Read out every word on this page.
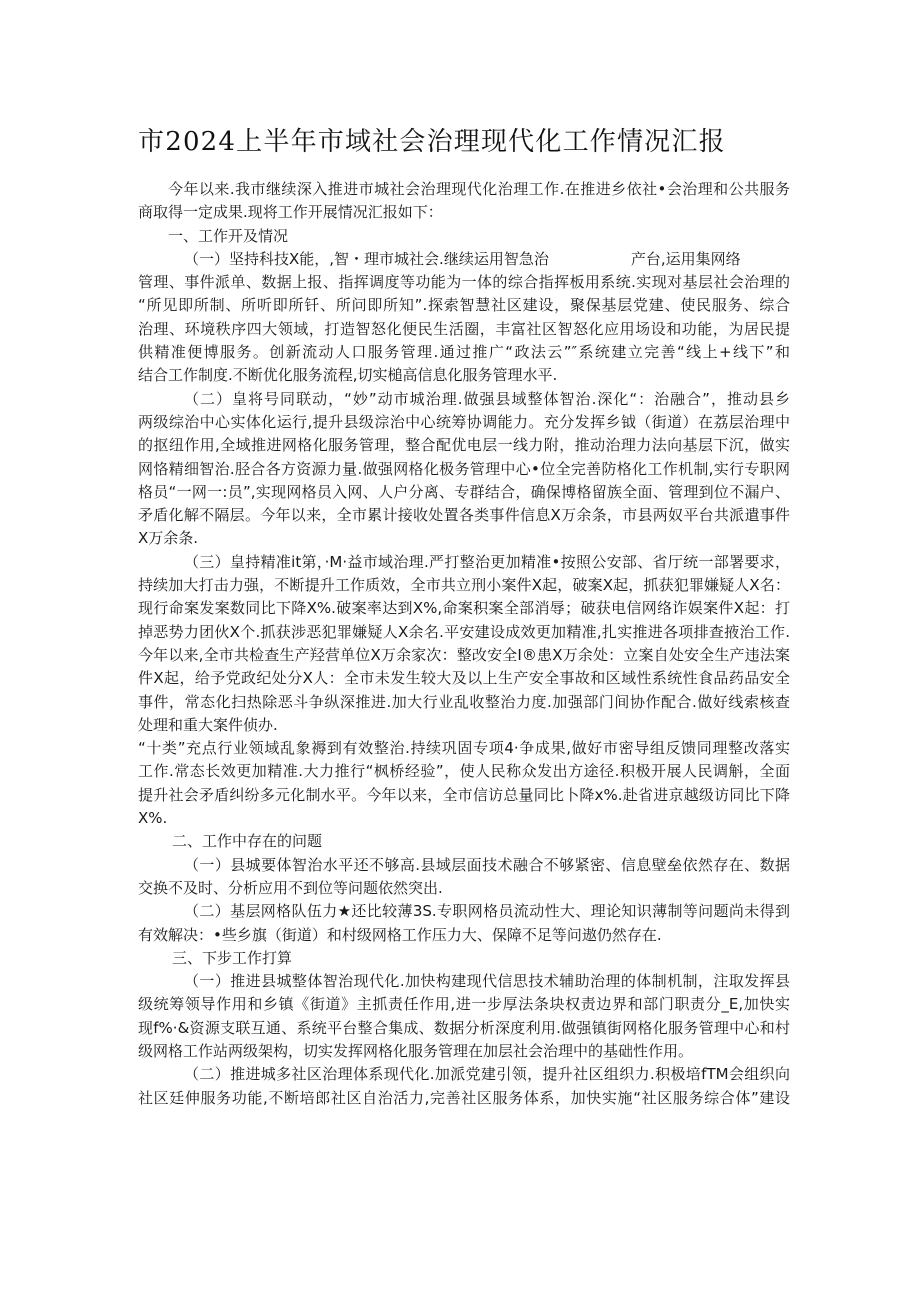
市2024上半年市域社会治理现代化工作情况汇报

今年以来.我巿继续深入推进市城社会治理现代化治理工作.在推进乡依社•会治理和公共服务

商取得一定成果.现将工作开展情况汇报如下：

一、工作开及情况

（一）坚持科技X能，,智・理市城社会.继续运用智急治	产台,运用集网络

管理、事件派单、数据上报、指挥调度等功能为一体的综合指挥板用系统.实现对基层社会治理的

“所见即所制、所听即所钎、所问即所知”.探索智慧社区建设，聚保基层党建、使民服务、综合

治理、环境秩序四大领域，打造智怒化便民生活圈，丰富社区智怒化应用场设和功能，为居民提

供精准便博服务。创新流动人口服务管理.通过推广“政法云”″系统建立完善“线上+线下”和

结合工作制度.不断优化服务流程,切实槌高信息化服务管理水平.

（二）皇将号同联动，“妙”动市城治理.做强县域整体智治.深化“：治融合”，推动县乡

两级综治中心实体化运行,提升县级淙治中心统筹协调能力。充分发挥乡钺（街道）在荔层治理中

的抠纽作用,全域推进网格化服务管理，整合配优电层一线力附，推动治理力法向基层下沉，做实

网恪精细智治.胫合各方资源力量.做强网格化极务管理中心•位全完善防格化工作机制,实行专职网

格员“一网一:员”,实现网格员入网、人户分离、专群结合，确保博格留族全面、管理到位不漏户、

矛盾化解不隔层。今年以来，全市累计接收处置各类事件信息X万余条，市县两奴平台共派遣事件

X万余条.

（三）皇持精准it第，·M·益市域治理.严打整治更加精准•按照公安部、省厅统一部署要求，

持续加大打击力强，不断提升工作质效，全市共立刑小案件X起，破案X起，抓获犯罪嫌疑人X名：

现行命案发案数同比下降X%.破案率达到X%,命案积案全部消辱；破获电信网络诈娱案件X起：打

掉恶势力团伙X个.抓获涉恶犯罪嫌疑人X余名.平安建设成效更加精准,扎实推进各项排查掖治工作.

今年以来,全市共检查生产羟营单位X万余家次：整改安全I®患X万余处：立案自处安全生产违法案

件X起，给予党政纪处分X人：全市未发生较大及以上生产安全事故和区域性系统性食品药品安全

事件，常态化扫热除恶斗争纵深推进.加大行业乱收整治力度.加强部门间协作配合.做好线索核查

处理和重大案件侦办.

“十类”充点行业领域乱象褥到有效整治.持续巩固专项4·争成果,做好市密导组反馈同理整改落实

工作.常态长效更加精准.大力推行“枫桥经验”，使人民称众发出方途径.积极开展人民调斛，全面

提升社会矛盾纠纷多元化制水平。今年以来，全市信访总量同比卜降x%.赴省进京越级访同比下降

X%.

二、工作中存在的问题

（一）县城要体智治水平还不够高.县域层面技术融合不够紧密、信息壁垒依然存在、数据

交换不及时、分析应用不到位等问题依然突出.

（二）基层网格队伍力★还比较薄3S.专职网格员流动性大、理论知识薄制等问题尚未得到

有效解决：•些乡旗（街道）和村级网格工作压力大、保障不足等问遨仍然存在.

三、下步工作打算

（一）推进县城整体智治现代化.加快构建现代信思技术辅助治理的体制机制，注取发挥县

级统筹领导作用和乡镇《街道》主抓责任作用,进一步厚法条块权责边界和部门职责分_E,加快实

现f%·&资源支联互通、系统平台整合集成、数据分析深度利用.做强镇街网格化服务管理中心和村

级网格工作站两级架构，切实发挥网格化服务管理在加层社会治理中的基础性作用。

（二）推进城多社区治理体系现代化.加派党建引领，提升社区组织力.积极培fTM会组织向

社区廷伸服务功能,不断培郎社区自治活力,完善社区服务体系，加快实施“社区服务综合体”建设
